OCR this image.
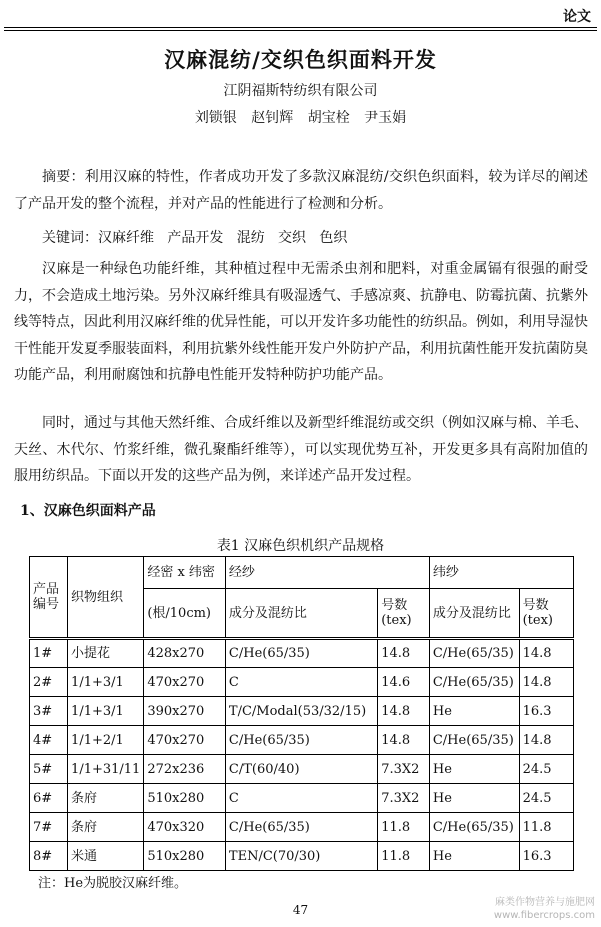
论文
汉麻混纺/交织色织面料开发
江阴福斯特纺织有限公司
刘锁银 赵钊辉 胡宝栓 尹玉娟

摘要：利用汉麻的特性，作者成功开发了多款汉麻混纺/交织色织面料，较为详尽的阐述了产品开发的整个流程，并对产品的性能进行了检测和分析。

关键词：汉麻纤维   产品开发   混纺   交织   色织

汉麻是一种绿色功能纤维，其种植过程中无需杀虫剂和肥料，对重金属镉有很强的耐受力，不会造成土地污染。另外汉麻纤维具有吸湿透气、手感凉爽、抗静电、防霉抗菌、抗紫外线等特点，因此利用汉麻纤维的优异性能，可以开发许多功能性的纺织品。例如，利用导湿快干性能开发夏季服装面料，利用抗紫外线性能开发户外防护产品，利用抗菌性能开发抗菌防臭功能产品，利用耐腐蚀和抗静电性能开发特种防护功能产品。

同时，通过与其他天然纤维、合成纤维以及新型纤维混纺或交织（例如汉麻与棉、羊毛、天丝、木代尔、竹浆纤维，微孔聚酯纤维等），可以实现优势互补，开发更多具有高附加值的服用纺织品。下面以开发的这些产品为例，来详述产品开发过程。

1、汉麻色织面料产品
表1 汉麻色织机织产品规格
产品编号	织物组织	经密 x 纬密	经纱		纬纱	
		(根/10cm)	成分及混纺比	号数(tex)	成分及混纺比	号数(tex)
1#	小提花	428x270	C/He(65/35)	14.8	C/He(65/35)	14.8
2#	1/1+3/1	470x270	C	14.6	C/He(65/35)	14.8
3#	1/1+3/1	390x270	T/C/Modal(53/32/15)	14.8	He	16.3
4#	1/1+2/1	470x270	C/He(65/35)	14.8	C/He(65/35)	14.8
5#	1/1+31/11	272x236	C/T(60/40)	7.3X2	He	24.5
6#	条府	510x280	C	7.3X2	He	24.5
7#	条府	470x320	C/He(65/35)	11.8	C/He(65/35)	11.8
8#	米通	510x280	TEN/C(70/30)	11.8	He	16.3
注：He为脱胶汉麻纤维。
47
麻类作物营养与施肥网
www.fibercrops.com
